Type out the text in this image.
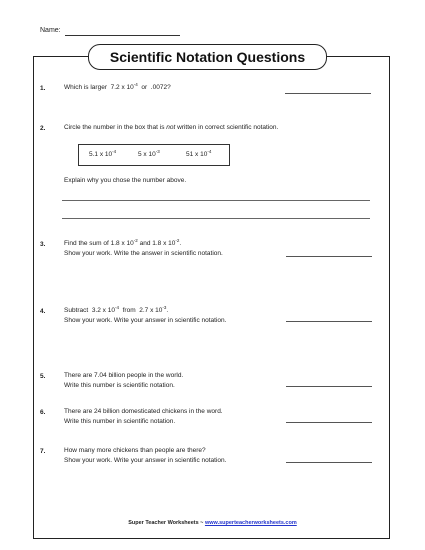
Name:
Scientific Notation Questions
1.	Which is larger 7.2 x $10^{-4}$ or .0072?
2.	Circle the number in the box that is not written in correct scientific notation.
5.1 x $10^{-4}$	5 x $10^{-3}$	51 x $10^{-4}$
Explain why you chose the number above.
3.	Find the sum of 1.8 x $10^{-2}$ and 1.8 x $10^{-2}$.
Show your work. Write the answer in scientific notation.
4.	Subtract 3.2 x $10^{-4}$ from 2.7 x $10^{-3}$.
Show your work. Write your answer in scientific notation.
5.	There are 7.04 billion people in the world.
Write this number is scientific notation.
6.	There are 24 billion domesticated chickens in the word.
Write this number in scientific notation.
7.	How many more chickens than people are there?
Show your work. Write your answer in scientific notation.
Super Teacher Worksheets ~ www.superteacherworksheets.com
